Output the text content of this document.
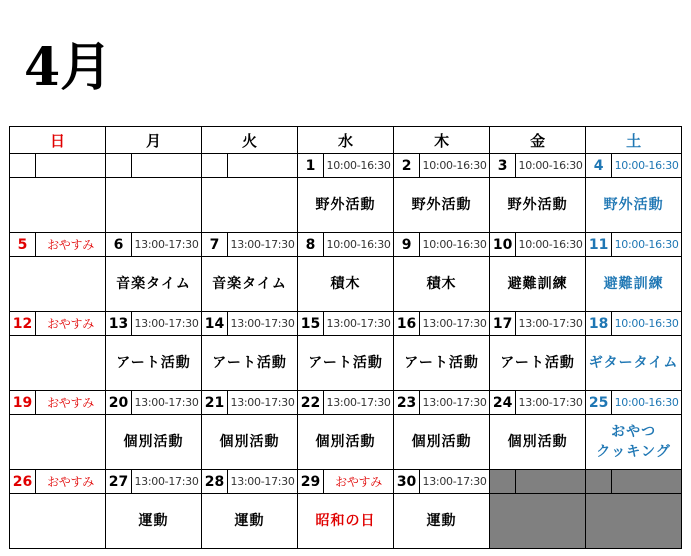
4月
日		月		火		水		木		金		土	
						1	10:00-16:30	2	10:00-16:30	3	10:00-16:30	4	10:00-16:30
						野外活動		野外活動		野外活動		野外活動	
5	おやすみ	6	13:00-17:30	7	13:00-17:30	8	10:00-16:30	9	10:00-16:30	10	10:00-16:30	11	10:00-16:30
		音楽タイム		音楽タイム		積木		積木		避難訓練		避難訓練	
12	おやすみ	13	13:00-17:30	14	13:00-17:30	15	13:00-17:30	16	13:00-17:30	17	13:00-17:30	18	10:00-16:30
		アート活動		アート活動		アート活動		アート活動		アート活動		ギタータイム	
19	おやすみ	20	13:00-17:30	21	13:00-17:30	22	13:00-17:30	23	13:00-17:30	24	13:00-17:30	25	10:00-16:30
		個別活動		個別活動		個別活動		個別活動		個別活動		おやつ
クッキング	
26	おやすみ	27	13:00-17:30	28	13:00-17:30	29	おやすみ	30	13:00-17:30				
		運動		運動		昭和の日		運動					
